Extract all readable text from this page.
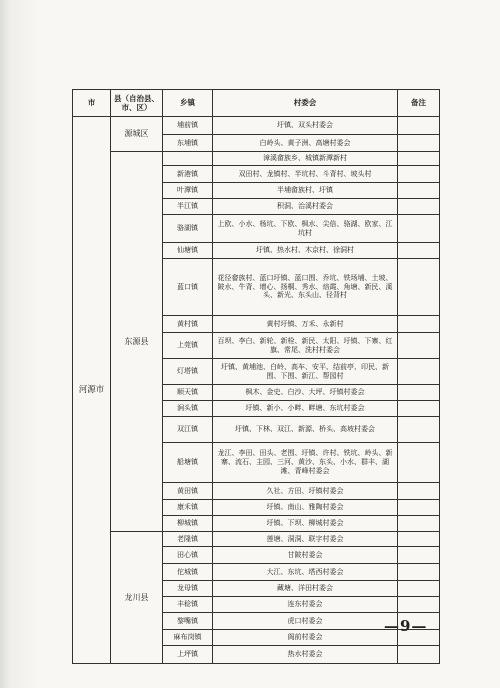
市	县（自治县、市、区）	乡镇	村委会	备注
河源市	源城区	埔前镇	圩镇、双头村委会	
		东埔镇	白岭头、黄子洲、高塘村委会	
	东源县		漳溪畲族乡、城镇新潭新村	
		新港镇	双田村、龙镇村、半坑村、斗背村、坡头村	
		叶潭镇	半埔畲族村、圩镇	
		半江镇	积洞、治溪村委会	
		骆湖镇	上欧、小水、杨坑、下欧、枫水、尖倍、骆湖、欧家、江坑村	
		仙塘镇	圩镇、热水村、木京村、徐洞村	
		蓝口镇	花径畲族村、蓝口圩镇、蓝口围、乔坑、铁场埔、土坡、陂水、牛背、增心、扬桐、秀水、焙霞、角塘、新民、溪头、新光、东头山、径背村	
		黄村镇	黄村圩镇、万禾、永新村	
		上莞镇	百坝、李白、新轮、新栓、新民、太阳、圩镇、下寨、红旗、常尾、洗村村委会	
		灯塔镇	圩镇、黄埔池、白岭、高车、安平、结前亭、印民、新围、下围、新江、帮园村	
		顺天镇	枫木、金史、白沙、大坪、圩镇村委会	
		涧头镇	圩镇、新小、小畔、畔塘、东坑村委会	
		双江镇	圩镇、下林、双江、新源、桥头、高坡村委会	
		船塘镇	龙江、李田、田头、老围、圩镇、许村、铁坑、岭头、新寨、流石、主园、三河、黄沙、东头、小水、群丰、湖滩、青峰村委会	
		黄田镇	久社、方田、圩镇村委会	
		康禾镇	圩镇、南山、雅陶村委会	
		柳城镇	圩镇、下坝、柳城村委会	
	龙川县	老隆镇	莲塘、洞洞、联字村委会	
		田心镇	甘陂村委会	
		佗城镇	大江、东坑、塔西村委会	
		龙母镇	藏塘、洋田村委会	
		丰稔镇	连东村委会	
		黎嘴镇	虎口村委会	
		麻布岗镇	阁前村委会	
		上坪镇	热水村委会	
—9—
